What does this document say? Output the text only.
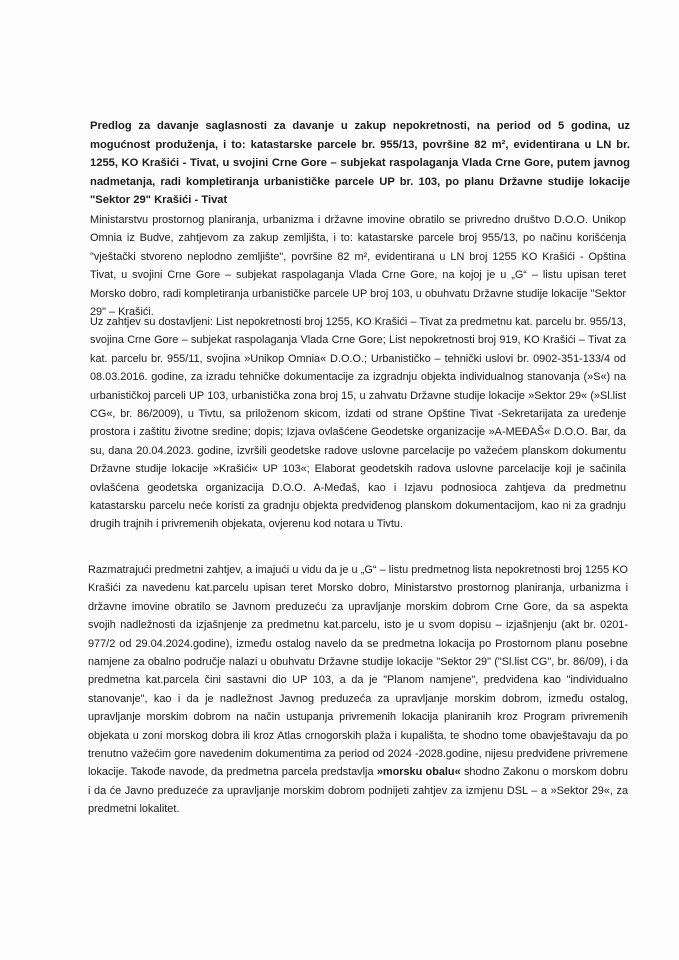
Predlog za davanje saglasnosti za davanje u zakup nepokretnosti, na period od 5 godina, uz mogućnost produženja, i to: katastarske parcele br. 955/13, površine 82 m², evidentirana u LN br. 1255, KO Krašići - Tivat, u svojini Crne Gore – subjekat raspolaganja Vlada Crne Gore, putem javnog nadmetanja, radi kompletiranja urbanističke parcele UP br. 103, po planu Državne studije lokacije "Sektor 29" Krašići - Tivat
Ministarstvu prostornog planiranja, urbanizma i državne imovine obratilo se privredno društvo D.O.O. Unikop Omnia iz Budve, zahtjevom za zakup zemljišta, i to: katastarske parcele broj 955/13, po načinu korišćenja "vještački stvoreno neplodno zemljište", površine 82 m², evidentirana u LN broj 1255 KO Krašići - Opština Tivat, u svojini Crne Gore – subjekat raspolaganja Vlada Crne Gore, na kojoj je u „G“ – listu upisan teret Morsko dobro, radi kompletiranja urbanističke parcele UP broj 103, u obuhvatu Državne studije lokacije "Sektor 29" – Krašići.
Uz zahtjev su dostavljeni: List nepokretnosti broj 1255, KO Krašići – Tivat za predmetnu kat. parcelu br. 955/13, svojina Crne Gore – subjekat raspolaganja Vlada Crne Gore; List nepokretnosti broj 919, KO Krašići – Tivat za kat. parcelu br. 955/11, svojina »Unikop Omnia« D.O.O.; Urbanističko – tehnički uslovi br. 0902-351-133/4 od 08.03.2016. godine, za izradu tehničke dokumentacije za izgradnju objekta individualnog stanovanja (»S«) na urbanističkoj parceli UP 103, urbanistička zona broj 15, u zahvatu Državne studije lokacije »Sektor 29« (»Sl.list CG«, br. 86/2009), u Tivtu, sa priloženom skicom, izdati od strane Opštine Tivat -Sekretarijata za uređenje prostora i zaštitu životne sredine; dopis; Izjava ovlašćene Geodetske organizacije »A-MEĐAŠ« D.O.O. Bar, da su, dana 20.04.2023. godine, izvršili geodetske radove uslovne parcelacije po važećem planskom dokumentu Državne studije lokacije »Krašići« UP 103«; Elaborat geodetskih radova uslovne parcelacije koji je sačinila ovlašćena geodetska organizacija D.O.O. A-Međaš, kao i Izjavu podnosioca zahtjeva da predmetnu katastarsku parcelu neće koristi za gradnju objekta predviđenog planskom dokumentacijom, kao ni za gradnju drugih trajnih i privremenih objekata, ovjerenu kod notara u Tivtu.
Razmatrajući predmetni zahtjev, a imajući u vidu da je u „G“ – listu predmetnog lista nepokretnosti broj 1255 KO Krašići za navedenu kat.parcelu upisan teret Morsko dobro, Ministarstvo prostornog planiranja, urbanizma i državne imovine obratilo se Javnom preduzeću za upravljanje morskim dobrom Crne Gore, da sa aspekta svojih nadležnosti da izjašnjenje za predmetnu kat.parcelu, isto je u svom dopisu – izjašnjenju (akt br. 0201-977/2 od 29.04.2024.godine), između ostalog navelo da se predmetna lokacija po Prostornom planu posebne namjene za obalno područje nalazi u obuhvatu Državne studije lokacije "Sektor 29" ("Sl.list CG", br. 86/09), i da predmetna kat.parcela čini sastavni dio UP 103, a da je "Planom namjene", predviđena kao "individualno stanovanje", kao i da je nadležnost Javnog preduzeća za upravljanje morskim dobrom, između ostalog, upravljanje morskim dobrom na način ustupanja privremenih lokacija planiranih kroz Program privremenih objekata u zoni morskog dobra ili kroz Atlas crnogorskih plaža i kupališta, te shodno tome obavještavaju da po trenutno važećim gore navedenim dokumentima za period od 2024 -2028.godine, nijesu predviđene privremene lokacije. Takođe navode, da predmetna parcela predstavlja »morsku obalu« shodno Zakonu o morskom dobru i da će Javno preduzeće za upravljanje morskim dobrom podnijeti zahtjev za izmjenu DSL – a »Sektor 29«, za predmetni lokalitet.
